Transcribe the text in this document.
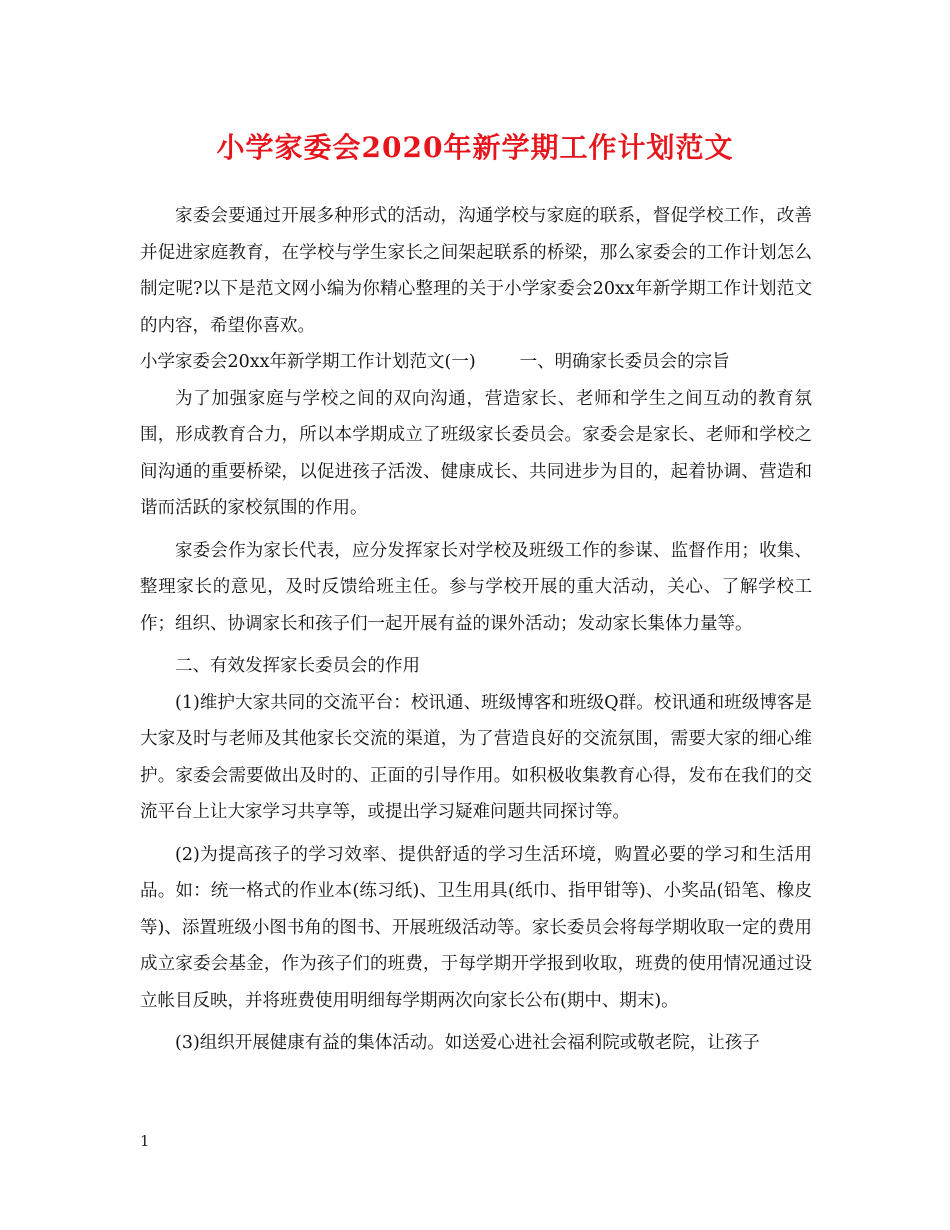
小学家委会2020年新学期工作计划范文

家委会要通过开展多种形式的活动，沟通学校与家庭的联系，督促学校工作，改善并促进家庭教育，在学校与学生家长之间架起联系的桥梁，那么家委会的工作计划怎么制定呢?以下是范文网小编为你精心整理的关于小学家委会20xx年新学期工作计划范文的内容，希望你喜欢。

小学家委会20xx年新学期工作计划范文(一)	一、明确家长委员会的宗旨

为了加强家庭与学校之间的双向沟通，营造家长、老师和学生之间互动的教育氛围，形成教育合力，所以本学期成立了班级家长委员会。家委会是家长、老师和学校之间沟通的重要桥梁，以促进孩子活泼、健康成长、共同进步为目的，起着协调、营造和谐而活跃的家校氛围的作用。

家委会作为家长代表，应分发挥家长对学校及班级工作的参谋、监督作用；收集、整理家长的意见，及时反馈给班主任。参与学校开展的重大活动，关心、了解学校工作；组织、协调家长和孩子们一起开展有益的课外活动；发动家长集体力量等。

二、有效发挥家长委员会的作用

(1)维护大家共同的交流平台：校讯通、班级博客和班级Q群。校讯通和班级博客是大家及时与老师及其他家长交流的渠道，为了营造良好的交流氛围，需要大家的细心维护。家委会需要做出及时的、正面的引导作用。如积极收集教育心得，发布在我们的交流平台上让大家学习共享等，或提出学习疑难问题共同探讨等。

(2)为提高孩子的学习效率、提供舒适的学习生活环境，购置必要的学习和生活用品。如：统一格式的作业本(练习纸)、卫生用具(纸巾、指甲钳等)、小奖品(铅笔、橡皮等)、添置班级小图书角的图书、开展班级活动等。家长委员会将每学期收取一定的费用成立家委会基金，作为孩子们的班费，于每学期开学报到收取，班费的使用情况通过设立帐目反映，并将班费使用明细每学期两次向家长公布(期中、期末)。

(3)组织开展健康有益的集体活动。如送爱心进社会福利院或敬老院，让孩子

1
